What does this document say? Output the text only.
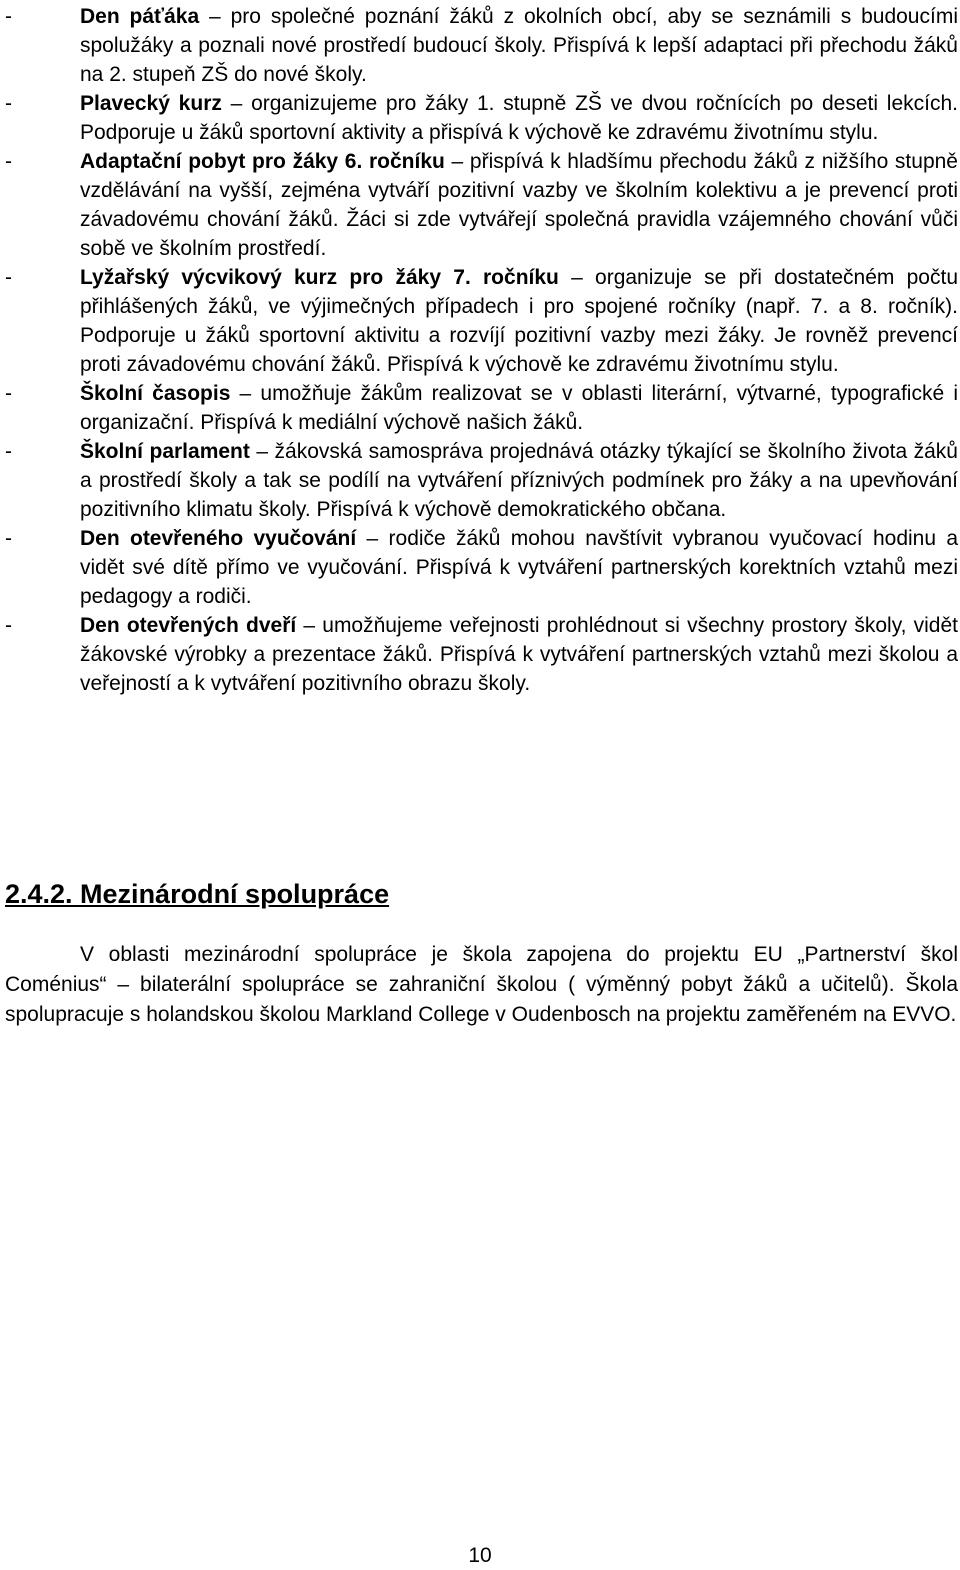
-	Den páťáka – pro společné poznání žáků z okolních obcí, aby se seznámili s budoucími spolužáky a poznali nové prostředí budoucí školy. Přispívá k lepší adaptaci při přechodu žáků na 2. stupeň ZŠ do nové školy.
-	Plavecký kurz – organizujeme pro žáky 1. stupně ZŠ ve dvou ročnících po deseti lekcích. Podporuje u žáků sportovní aktivity a přispívá k výchově ke zdravému životnímu stylu.
-	Adaptační pobyt pro žáky 6. ročníku – přispívá k hladšímu přechodu žáků z nižšího stupně vzdělávání na vyšší, zejména vytváří pozitivní vazby ve školním kolektivu a je prevencí proti závadovému chování žáků. Žáci si zde vytvářejí společná pravidla vzájemného chování vůči sobě ve školním prostředí.
-	Lyžařský výcvikový kurz pro žáky 7. ročníku – organizuje se při dostatečném počtu přihlášených žáků, ve výjimečných případech i pro spojené ročníky (např. 7. a 8. ročník). Podporuje u žáků sportovní aktivitu a rozvíjí pozitivní vazby mezi žáky. Je rovněž prevencí proti závadovému chování žáků. Přispívá k výchově ke zdravému životnímu stylu.
-	Školní časopis – umožňuje žákům realizovat se v oblasti literární, výtvarné, typografické i organizační. Přispívá k mediální výchově našich žáků.
-	Školní parlament – žákovská samospráva projednává otázky týkající se školního života žáků a prostředí školy a tak se podílí na vytváření příznivých podmínek pro žáky a na upevňování pozitivního klimatu školy. Přispívá k výchově demokratického občana.
-	Den otevřeného vyučování – rodiče žáků mohou navštívit vybranou vyučovací hodinu a vidět své dítě přímo ve vyučování. Přispívá k vytváření partnerských korektních vztahů mezi pedagogy a rodiči.
-	Den otevřených dveří – umožňujeme veřejnosti prohlédnout si všechny prostory školy, vidět žákovské výrobky a prezentace žáků. Přispívá k vytváření partnerských vztahů mezi školou a veřejností a k vytváření pozitivního obrazu školy.
2.4.2. Mezinárodní spolupráce

V oblasti mezinárodní spolupráce je škola zapojena do projektu EU „Partnerství škol Coménius“ – bilaterální spolupráce se zahraniční školou ( výměnný pobyt žáků a učitelů). Škola spolupracuje s holandskou školou Markland College v Oudenbosch na projektu zaměřeném na EVVO.

10
